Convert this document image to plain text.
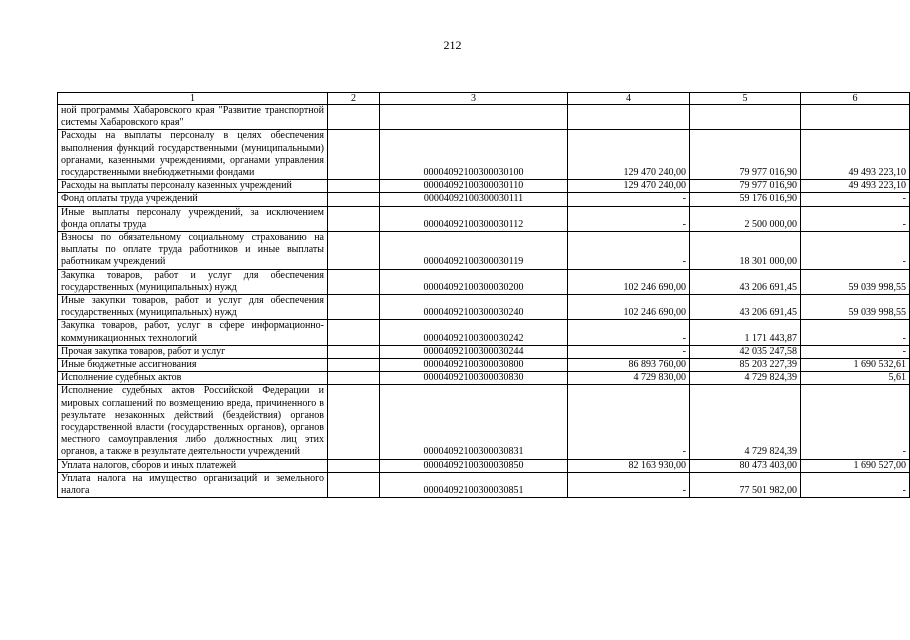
212
1	2	3	4	5	6
ной программы Хабаровского края "Развитие транспортной системы Хабаровского края"					
Расходы на выплаты персоналу в целях обеспечения выполнения функций государственными (муниципальными) органами, казенными учреждениями, органами управления государственными внебюджетными фондами		00004092100300030100	129 470 240,00	79 977 016,90	49 493 223,10
Расходы на выплаты персоналу казенных учреждений		00004092100300030110	129 470 240,00	79 977 016,90	49 493 223,10
Фонд оплаты труда учреждений		00004092100300030111	-	59 176 016,90	-
Иные выплаты персоналу учреждений, за исключением фонда оплаты труда		00004092100300030112	-	2 500 000,00	-
Взносы по обязательному социальному страхованию на выплаты по оплате труда работников и иные выплаты работникам учреждений		00004092100300030119	-	18 301 000,00	-
Закупка товаров, работ и услуг для обеспечения государственных (муниципальных) нужд		00004092100300030200	102 246 690,00	43 206 691,45	59 039 998,55
Иные закупки товаров, работ и услуг для обеспечения государственных (муниципальных) нужд		00004092100300030240	102 246 690,00	43 206 691,45	59 039 998,55
Закупка товаров, работ, услуг в сфере информационно-коммуникационных технологий		00004092100300030242	-	1 171 443,87	-
Прочая закупка товаров, работ и услуг		00004092100300030244	-	42 035 247,58	-
Иные бюджетные ассигнования		00004092100300030800	86 893 760,00	85 203 227,39	1 690 532,61
Исполнение судебных актов		00004092100300030830	4 729 830,00	4 729 824,39	5,61
Исполнение судебных актов Российской Федерации и мировых соглашений по возмещению вреда, причиненного в результате незаконных действий (бездействия) органов государственной власти (государственных органов), органов местного самоуправления либо должностных лиц этих органов, а также в результате деятельности учреждений		00004092100300030831	-	4 729 824,39	-
Уплата налогов, сборов и иных платежей		00004092100300030850	82 163 930,00	80 473 403,00	1 690 527,00
Уплата налога на имущество организаций и земельного налога		00004092100300030851	-	77 501 982,00	-
